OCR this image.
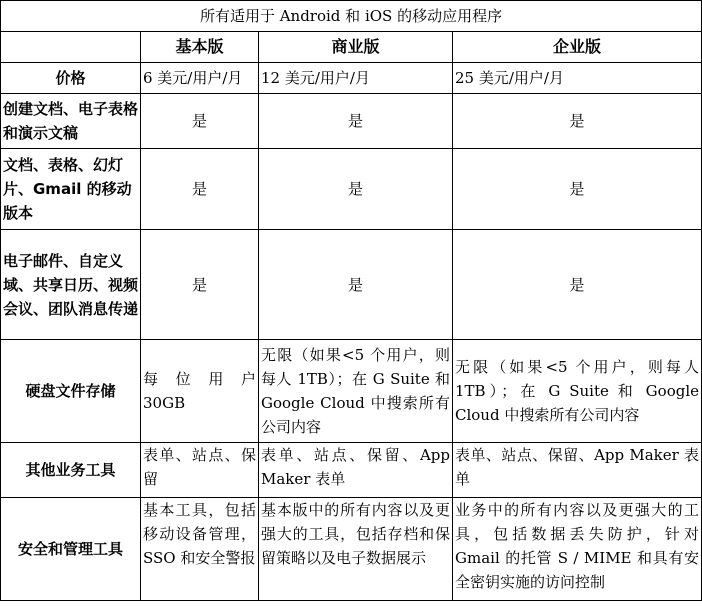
所有适用于 Android 和 iOS 的移动应用程序			
	基本版	商业版	企业版
价格	6 美元/用户/月	12 美元/用户/月	25 美元/用户/月
创建文档、电子表格和演示文稿	是	是	是
文档、表格、幻灯片、Gmail 的移动版本	是	是	是
电子邮件、自定义域、共享日历、视频会议、团队消息传递	是	是	是
硬盘文件存储	每 位 用 户 30GB	无限（如果<5 个用户，则每人 1TB）；在 G Suite 和 Google Cloud 中搜索所有公司内容	无限（如果<5 个用户，则每人 1TB）；在 G Suite 和 Google Cloud 中搜索所有公司内容
其他业务工具	表单、站点、保留	表单、站点、保留、App Maker 表单	表单、站点、保留、App Maker 表单
安全和管理工具	基本工具，包括移动设备管理，SSO 和安全警报	基本版中的所有内容以及更强大的工具，包括存档和保留策略以及电子数据展示	业务中的所有内容以及更强大的工具，包括数据丢失防护，针对 Gmail 的托管 S / MIME 和具有安全密钥实施的访问控制
